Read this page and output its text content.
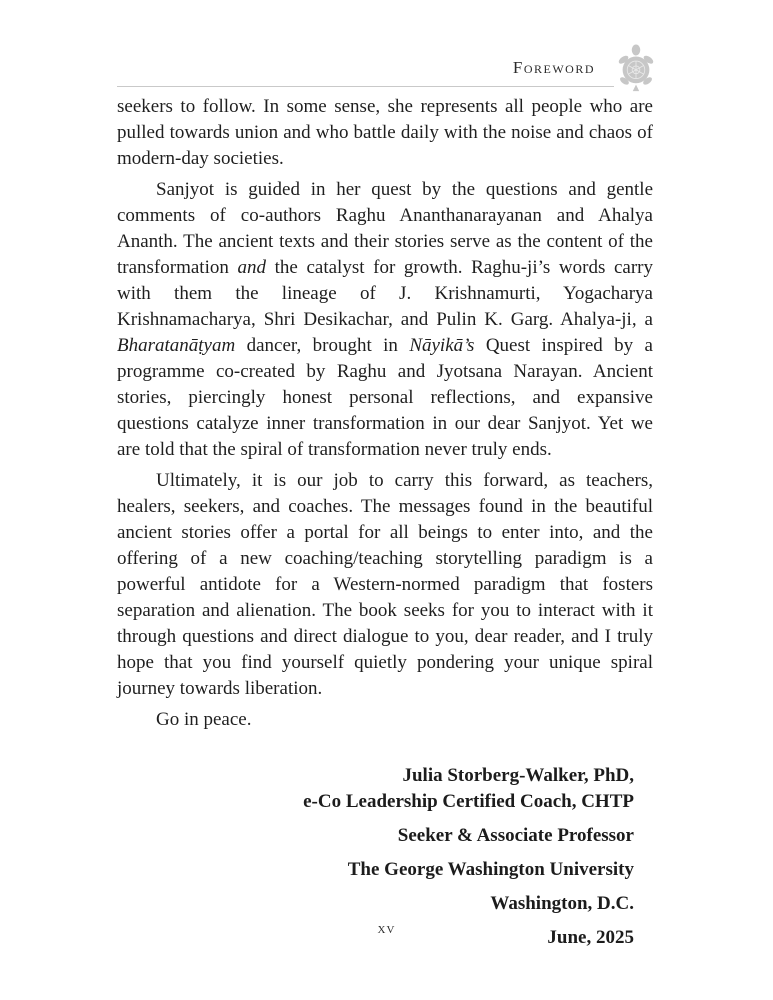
Foreword

seekers to follow. In some sense, she represents all people who are pulled towards union and who battle daily with the noise and chaos of modern-day societies.

Sanjyot is guided in her quest by the questions and gentle comments of co-authors Raghu Ananthanarayanan and Ahalya Ananth. The ancient texts and their stories serve as the content of the transformation and the catalyst for growth. Raghu-ji’s words carry with them the lineage of J. Krishnamurti, Yogacharya Krishnamacharya, Shri Desikachar, and Pulin K. Garg. Ahalya-ji, a Bharatanāṭyam dancer, brought in Nāyikā’s Quest inspired by a programme co-created by Raghu and Jyotsana Narayan. Ancient stories, piercingly honest personal reflections, and expansive questions catalyze inner transformation in our dear Sanjyot. Yet we are told that the spiral of transformation never truly ends.

Ultimately, it is our job to carry this forward, as teachers, healers, seekers, and coaches. The messages found in the beautiful ancient stories offer a portal for all beings to enter into, and the offering of a new coaching/teaching storytelling paradigm is a powerful antidote for a Western-normed paradigm that fosters separation and alienation. The book seeks for you to interact with it through questions and direct dialogue to you, dear reader, and I truly hope that you find yourself quietly pondering your unique spiral journey towards liberation.

Go in peace.

Julia Storberg-Walker, PhD,
e-Co Leadership Certified Coach, CHTP
Seeker & Associate Professor
The George Washington University
Washington, D.C.
June, 2025
xv
